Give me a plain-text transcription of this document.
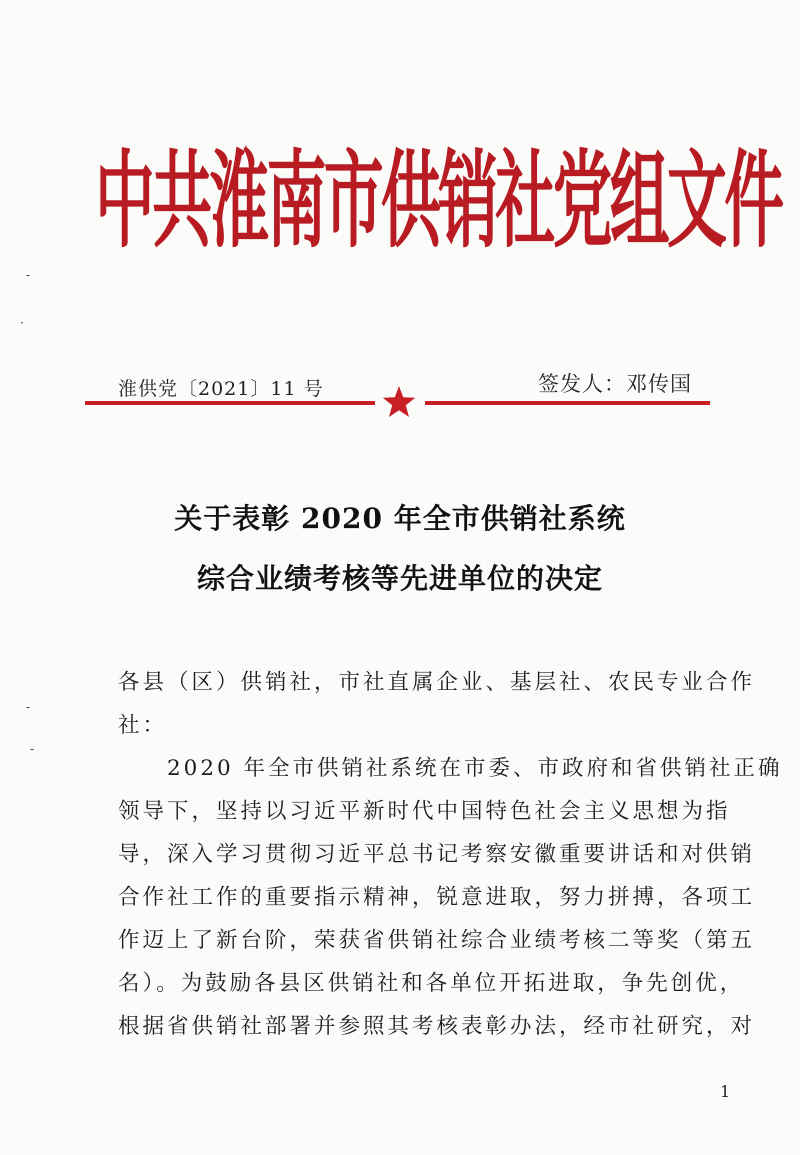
中共淮南市供销社党组文件
-
·
-
-
淮供党〔2021〕11 号	签发人：邓传国
关于表彰 2020 年全市供销社系统
综合业绩考核等先进单位的决定
各县（区）供销社，市社直属企业、基层社、农民专业合作
社：
　　2020 年全市供销社系统在市委、市政府和省供销社正确
领导下，坚持以习近平新时代中国特色社会主义思想为指
导，深入学习贯彻习近平总书记考察安徽重要讲话和对供销
合作社工作的重要指示精神，锐意进取，努力拼搏，各项工
作迈上了新台阶，荣获省供销社综合业绩考核二等奖（第五
名）。为鼓励各县区供销社和各单位开拓进取，争先创优，
根据省供销社部署并参照其考核表彰办法，经市社研究，对
1
